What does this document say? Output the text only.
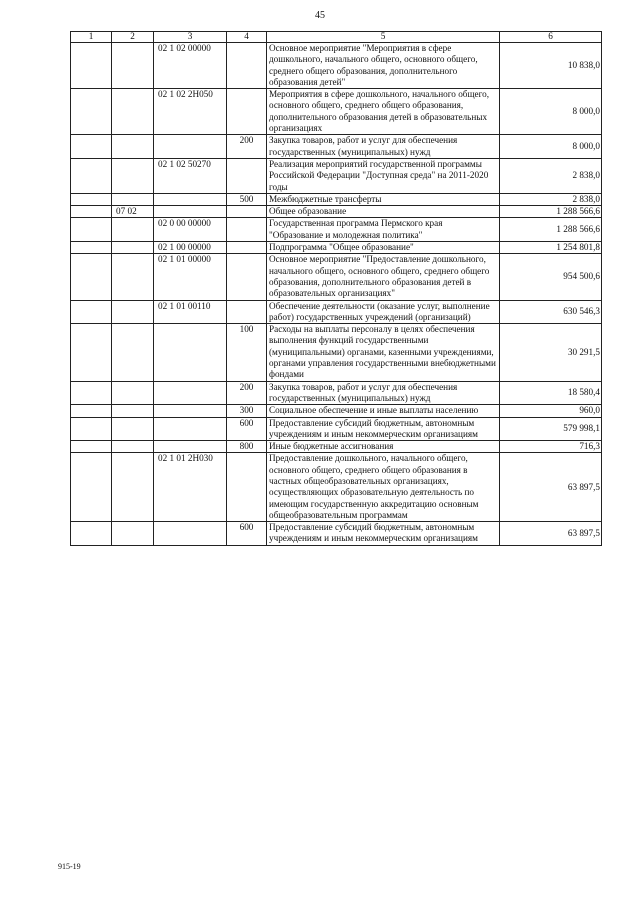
45
1	2	3	4	5	6
		02 1 02 00000		Основное мероприятие "Мероприятия в сфере дошкольного, начального общего, основного общего, среднего общего образования, дополнительного образования детей"	10 838,0
		02 1 02 2Н050		Мероприятия в сфере дошкольного, начального общего, основного общего, среднего общего образования, дополнительного образования детей в образовательных организациях	8 000,0
			200	Закупка товаров, работ и услуг для обеспечения государственных (муниципальных) нужд	8 000,0
		02 1 02 50270		Реализация мероприятий государственной программы Российской Федерации "Доступная среда" на 2011-2020 годы	2 838,0
			500	Межбюджетные трансферты	2 838,0
	07 02			Общее образование	1 288 566,6
		02 0 00 00000		Государственная программа Пермского края "Образование и молодежная политика"	1 288 566,6
		02 1 00 00000		Подпрограмма "Общее образование"	1 254 801,8
		02 1 01 00000		Основное мероприятие "Предоставление дошкольного, начального общего, основного общего, среднего общего образования, дополнительного образования детей в образовательных организациях"	954 500,6
		02 1 01 00110		Обеспечение деятельности (оказание услуг, выполнение работ) государственных учреждений (организаций)	630 546,3
			100	Расходы на выплаты персоналу в целях обеспечения выполнения функций государственными (муниципальными) органами, казенными учреждениями, органами управления государственными внебюджетными фондами	30 291,5
			200	Закупка товаров, работ и услуг для обеспечения государственных (муниципальных) нужд	18 580,4
			300	Социальное обеспечение и иные выплаты населению	960,0
			600	Предоставление субсидий бюджетным, автономным учреждениям и иным некоммерческим организациям	579 998,1
			800	Иные бюджетные ассигнования	716,3
		02 1 01 2Н030		Предоставление дошкольного, начального общего, основного общего, среднего общего образования в частных общеобразовательных организациях, осуществляющих образовательную деятельность по имеющим государственную аккредитацию основным общеобразовательным программам	63 897,5
			600	Предоставление субсидий бюджетным, автономным учреждениям и иным некоммерческим организациям	63 897,5
915-19
